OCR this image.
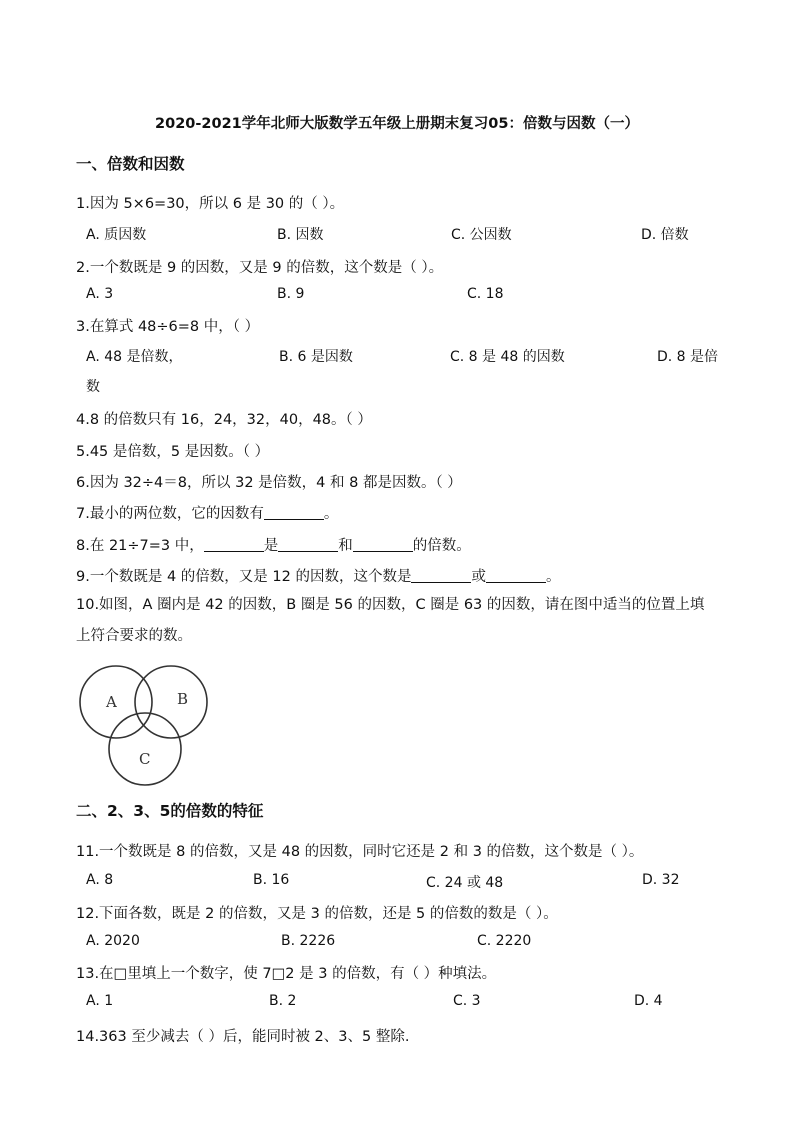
2020-2021学年北师大版数学五年级上册期末复习05：倍数与因数（一）
一、倍数和因数
1.因为 5×6=30，所以 6 是 30 的（ ）。
A. 质因数	B. 因数	C. 公因数	D. 倍数
2.一个数既是 9 的因数，又是 9 的倍数，这个数是（ ）。
A. 3	B. 9	C. 18
3.在算式 48÷6=8 中，（ ）
A. 48 是倍数，	B. 6 是因数	C. 8 是 48 的因数	D. 8 是倍
数
4.8 的倍数只有 16，24，32，40，48。（ ）
5.45 是倍数，5 是因数。（ ）
6.因为 32÷4＝8，所以 32 是倍数，4 和 8 都是因数。（ ）
7.最小的两位数，它的因数有	。
8.在 21÷7=3 中，	是	和	的倍数。
9.一个数既是 4 的倍数，又是 12 的因数，这个数是	或	。
10.如图，A 圈内是 42 的因数，B 圈是 56 的因数，C 圈是 63 的因数，请在图中适当的位置上填上符合要求的数。
A	B
C
二、2、3、5的倍数的特征
11.一个数既是 8 的倍数，又是 48 的因数，同时它还是 2 和 3 的倍数，这个数是（ ）。
A. 8	B. 16	C. 24 或 48	D. 32
12.下面各数，既是 2 的倍数，又是 3 的倍数，还是 5 的倍数的数是（ ）。
A. 2020	B. 2226	C. 2220
13.在□里填上一个数字，使 7□2 是 3 的倍数，有（ ）种填法。
A. 1	B. 2	C. 3	D. 4
14.363 至少减去（ ）后，能同时被 2、3、5 整除.
